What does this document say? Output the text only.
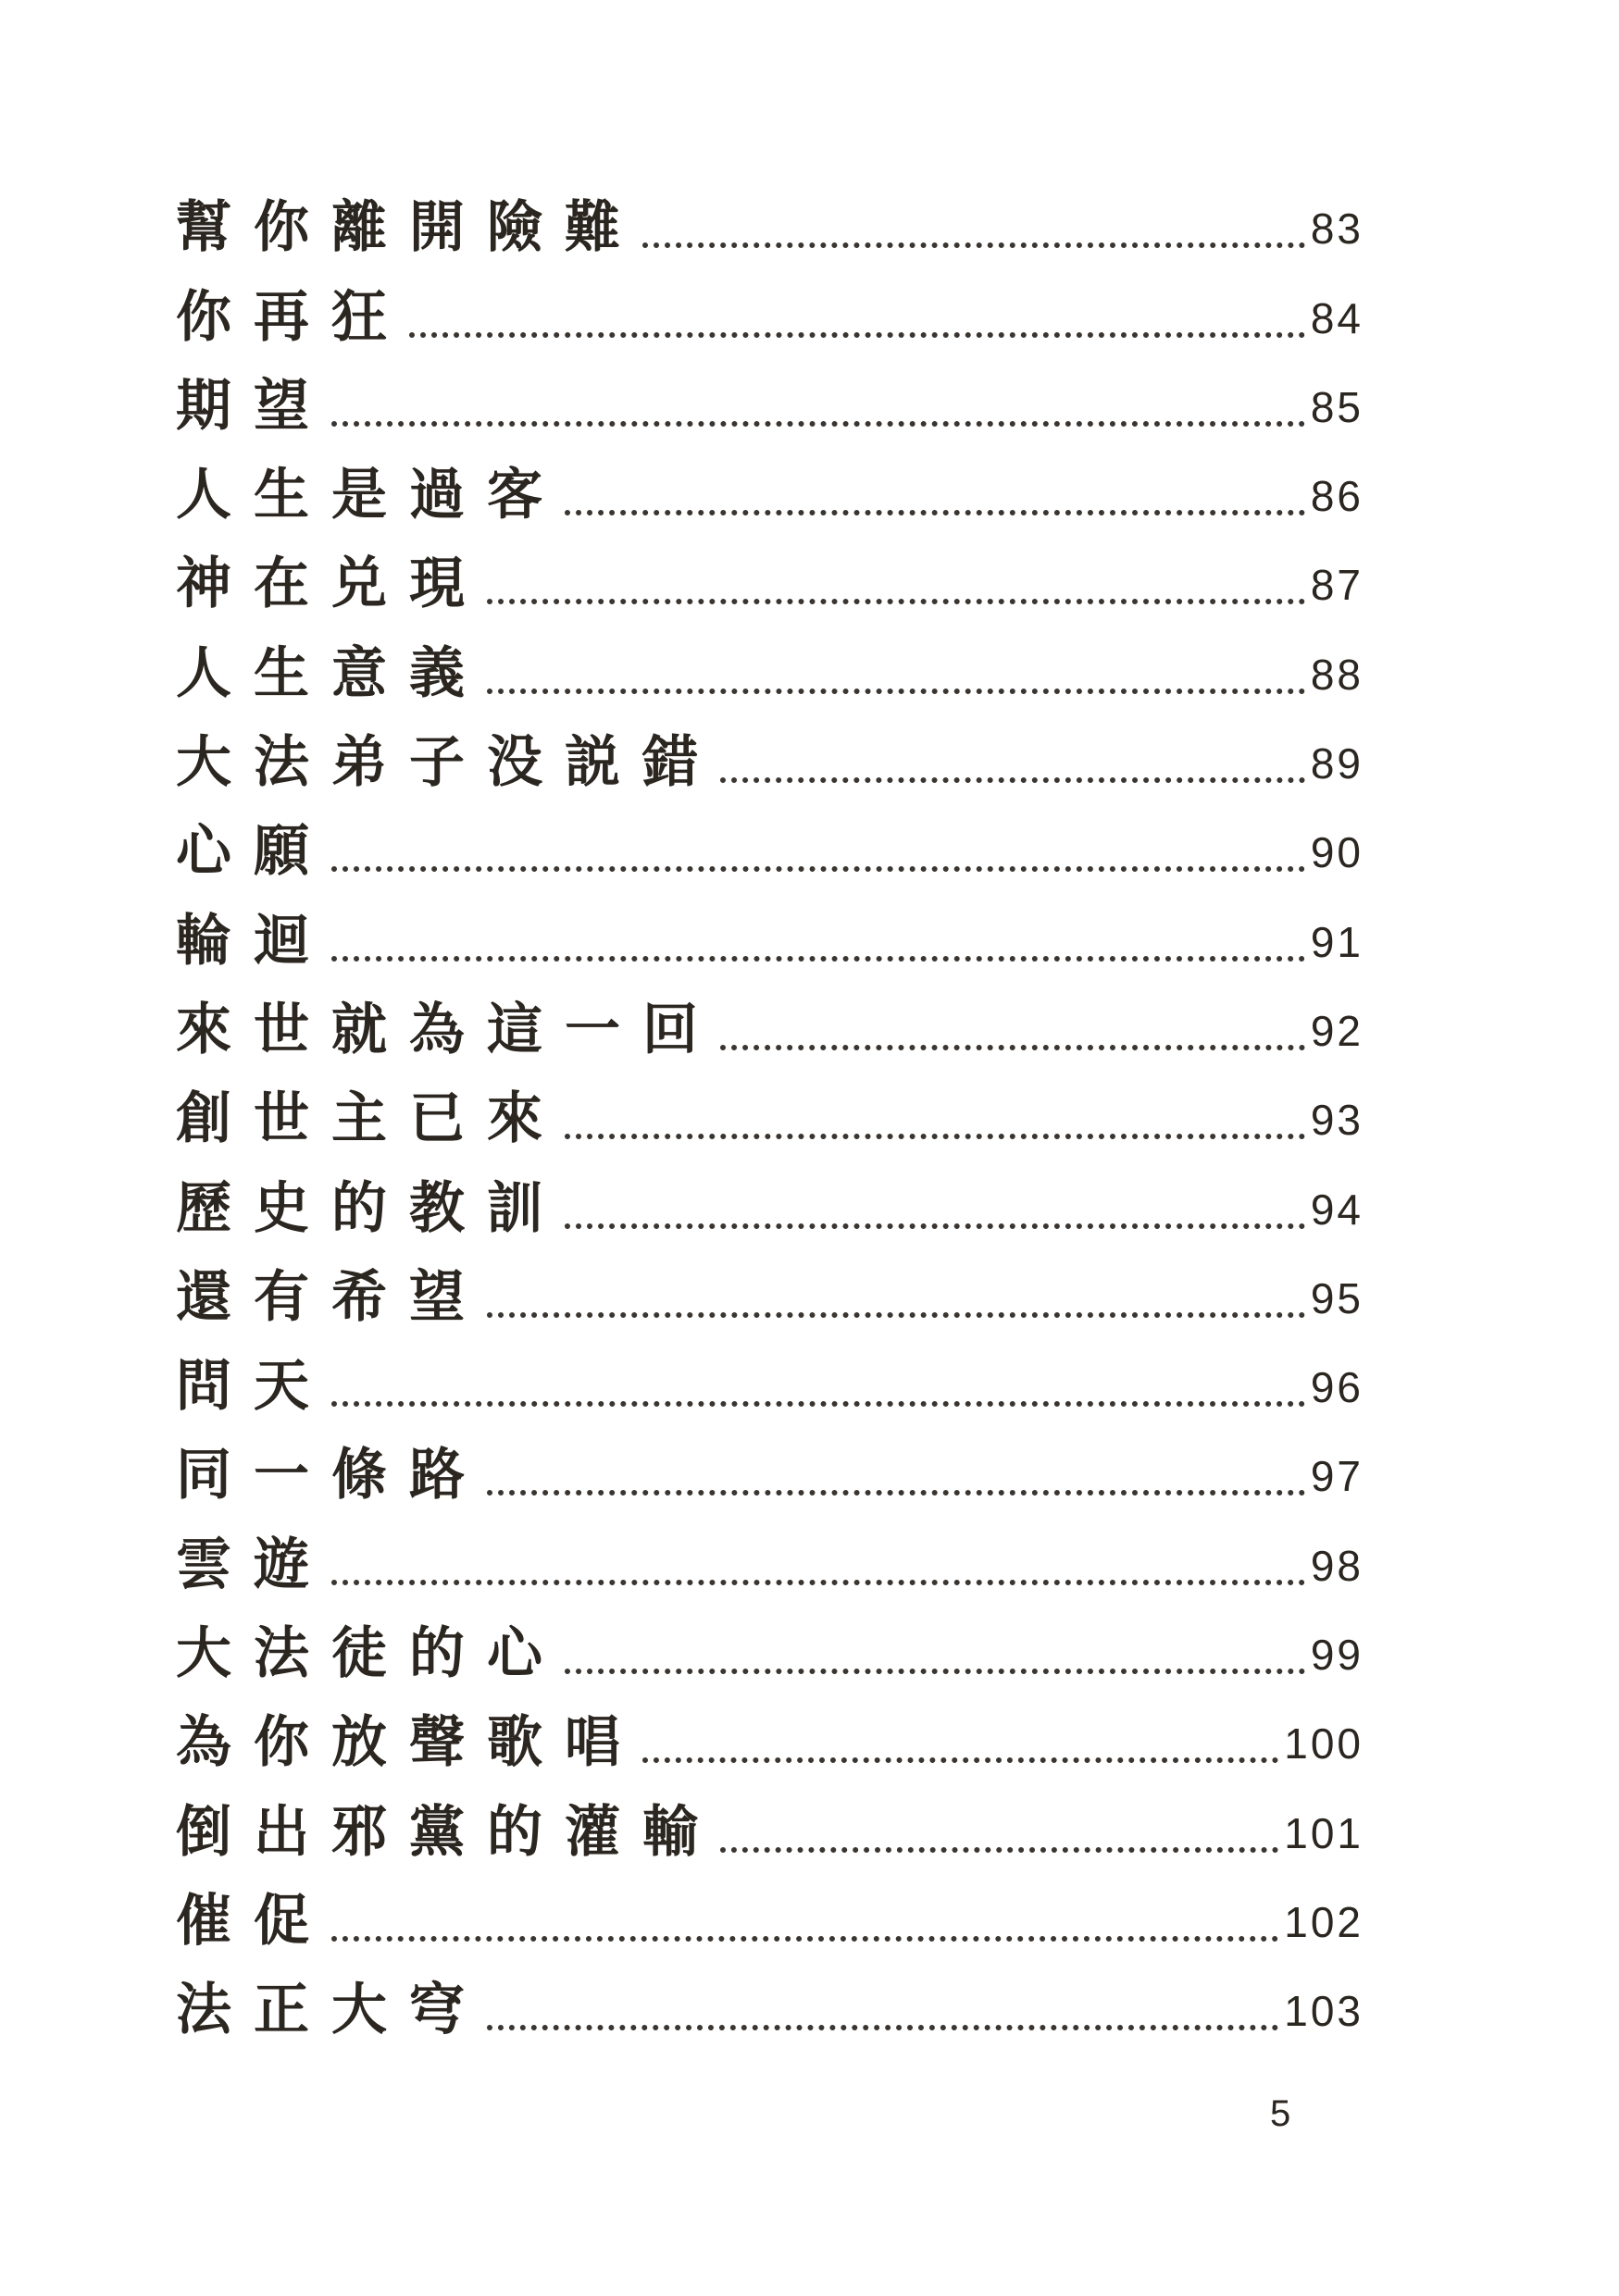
幫你離開險難	83
你再狂	84
期望	85
人生是過客	86
神在兑現	87
人生意義	88
大法弟子没説錯	89
心願	90
輪迴	91
來世就為這一回	92
創世主已來	93
歷史的教訓	94
還有希望	95
問天	96
同一條路	97
雲遊	98
大法徒的心	99
為你放聲歌唱	100
倒出邪黨的灌輸	101
催促	102
法正大穹	103
5
